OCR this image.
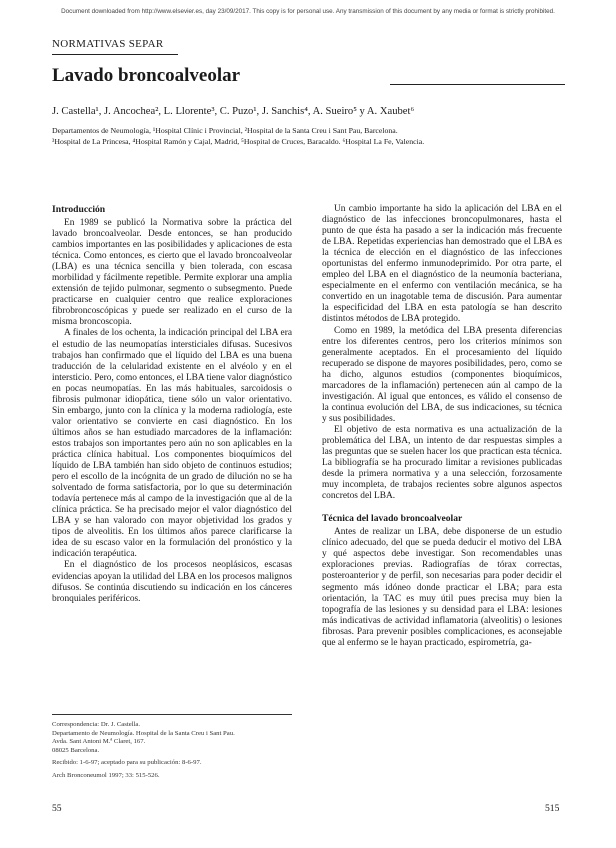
Document downloaded from http://www.elsevier.es, day 23/09/2017. This copy is for personal use. Any transmission of this document by any media or format is strictly prohibited.
NORMATIVAS SEPAR
Lavado broncoalveolar
J. Castella¹, J. Ancochea², L. Llorente³, C. Puzo¹, J. Sanchis⁴, A. Sueiro⁵ y A. Xaubet⁶
Departamentos de Neumología, ¹Hospital Clínic i Provincial, ²Hospital de la Santa Creu i Sant Pau, Barcelona.
³Hospital de La Princesa, ⁴Hospital Ramón y Cajal, Madrid, ⁵Hospital de Cruces, Baracaldo. ⁶Hospital La Fe, Valencia.
Introducción

En 1989 se publicó la Normativa sobre la práctica del lavado broncoalveolar. Desde entonces, se han producido cambios importantes en las posibilidades y aplicaciones de esta técnica. Como entonces, es cierto que el lavado broncoalveolar (LBA) es una técnica sencilla y bien tolerada, con escasa morbilidad y fácilmente repetible. Permite explorar una amplia extensión de tejido pulmonar, segmento o subsegmento. Puede practicarse en cualquier centro que realice exploraciones fibrobroncoscópicas y puede ser realizado en el curso de la misma broncoscopia.

A finales de los ochenta, la indicación principal del LBA era el estudio de las neumopatías intersticiales difusas. Sucesivos trabajos han confirmado que el líquido del LBA es una buena traducción de la celularidad existente en el alvéolo y en el intersticio. Pero, como entonces, el LBA tiene valor diagnóstico en pocas neumopatías. En las más habituales, sarcoidosis o fibrosis pulmonar idiopática, tiene sólo un valor orientativo. Sin embargo, junto con la clínica y la moderna radiología, este valor orientativo se convierte en casi diagnóstico. En los últimos años se han estudiado marcadores de la inflamación: estos trabajos son importantes pero aún no son aplicables en la práctica clínica habitual. Los componentes bioquímicos del líquido de LBA también han sido objeto de continuos estudios; pero el escollo de la incógnita de un grado de dilución no se ha solventado de forma satisfactoria, por lo que su determinación todavía pertenece más al campo de la investigación que al de la clínica práctica. Se ha precisado mejor el valor diagnóstico del LBA y se han valorado con mayor objetividad los grados y tipos de alveolitis. En los últimos años parece clarificarse la idea de su escaso valor en la formulación del pronóstico y la indicación terapéutica.

En el diagnóstico de los procesos neoplásicos, escasas evidencias apoyan la utilidad del LBA en los procesos malignos difusos. Se continúa discutiendo su indicación en los cánceres bronquiales periféricos.

Un cambio importante ha sido la aplicación del LBA en el diagnóstico de las infecciones broncopulmonares, hasta el punto de que ésta ha pasado a ser la indicación más frecuente de LBA. Repetidas experiencias han demostrado que el LBA es la técnica de elección en el diagnóstico de las infecciones oportunistas del enfermo inmunodeprimido. Por otra parte, el empleo del LBA en el diagnóstico de la neumonía bacteriana, especialmente en el enfermo con ventilación mecánica, se ha convertido en un inagotable tema de discusión. Para aumentar la especificidad del LBA en esta patología se han descrito distintos métodos de LBA protegido.

Como en 1989, la metódica del LBA presenta diferencias entre los diferentes centros, pero los criterios mínimos son generalmente aceptados. En el procesamiento del líquido recuperado se dispone de mayores posibilidades, pero, como se ha dicho, algunos estudios (componentes bioquímicos, marcadores de la inflamación) pertenecen aún al campo de la investigación. Al igual que entonces, es válido el consenso de la continua evolución del LBA, de sus indicaciones, su técnica y sus posibilidades.

El objetivo de esta normativa es una actualización de la problemática del LBA, un intento de dar respuestas simples a las preguntas que se suelen hacer los que practican esta técnica. La bibliografía se ha procurado limitar a revisiones publicadas desde la primera normativa y a una selección, forzosamente muy incompleta, de trabajos recientes sobre algunos aspectos concretos del LBA.

Técnica del lavado broncoalveolar

Antes de realizar un LBA, debe disponerse de un estudio clínico adecuado, del que se pueda deducir el motivo del LBA y qué aspectos debe investigar. Son recomendables unas exploraciones previas. Radiografías de tórax correctas, posteroanterior y de perfil, son necesarias para poder decidir el segmento más idóneo donde practicar el LBA; para esta orientación, la TAC es muy útil pues precisa muy bien la topografía de las lesiones y su densidad para el LBA: lesiones más indicativas de actividad inflamatoria (alveolitis) o lesiones fibrosas. Para prevenir posibles complicaciones, es aconsejable que al enfermo se le hayan practicado, espirometría, ga-

Correspondencia: Dr. J. Castella.

Departamento de Neumología. Hospital de la Santa Creu i Sant Pau.

Avda. Sant Antoni M.ª Claret, 167.

08025 Barcelona.

Recibido: 1-6-97; aceptado para su publicación: 8-6-97.

Arch Bronconeumol 1997; 33: 515-526.

55	515
